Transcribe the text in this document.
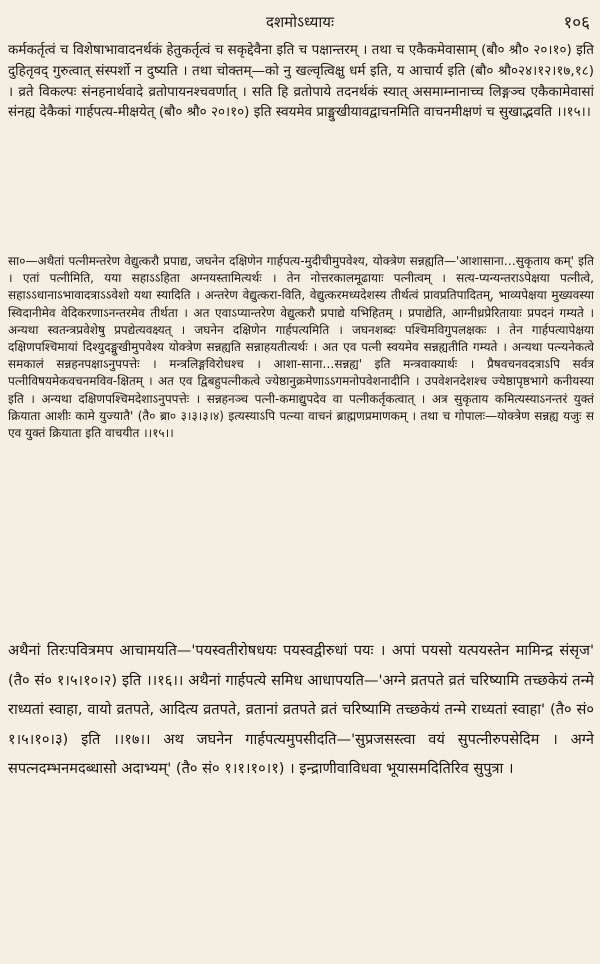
दशमोऽध्यायः	१०६
कर्मकर्तृत्वं च विशेषाभावादनर्थकं हेतुकर्तृत्वं च सकृद्देवैना इति च पक्षान्तरम् । तथा च एकैकमेवासाम् (बौ० श्रौ० २०।१०) इति दुहितृवद् गुरुत्वात् संस्पर्शो न दुष्यति । तथा चोक्तम्—को नु खल्वृत्विक्षु धर्म इति, य आचार्य इति (बौ० श्रौ०२४।१२।१७,१८) । व्रते विकल्पः संनहनार्थवादे व्रतोपायनश्चवर्णात् । सति हि व्रतोपाये तदनर्थकं स्यात् असमाम्नानाच्च लिङ्गञ्च एकैकामेवासां संनह्य देकैकां गार्हपत्य-मीक्षयेत् (बौ० श्रौ० २०।१०) इति स्वयमेव प्राङ्मुखीयावद्वाचनमिति वाचनमीक्षणं च सुखाद्भवति ।।१५।।
सा०—अथैतां पत्नीमन्तरेण वेद्युत्करौ प्रपाद्य, जघनेन दक्षिणेन गार्हपत्य-मुदीचीमुपवेश्य, योक्त्रेण सन्नह्यति—'आशासाना…सुकृताय कम्' इति । एतां पत्नीमिति, यया सहाऽऽहिता अग्नयस्तामित्यर्थः । तेन नोत्तरकालमूढायाः पत्नीत्वम् । सत्य-प्यन्यन्तराऽपेक्षया पत्नीत्वे, सहाऽऽधानाऽभावादत्राऽऽवेशो यथा स्यादिति । अन्तरेण वेद्युत्करा-विति, वेद्युत्करमध्यदेशस्य तीर्थत्वं प्रावप्रतिपादितम्, भाव्यपेक्षया मुख्यवस्या स्विदानीमेव वेदिकरणाऽनन्तरमेव तीर्थता । अत एवाऽप्यान्तरेण वेद्युत्करौ प्रपाद्ये यभिहितम् । प्रपाद्येति, आग्नीध्रप्रेरितायाः प्रपदनं गम्यते । अन्यथा स्वतन्त्रप्रवेशेषु प्रपद्येत्यवक्ष्यत् । जघनेन दक्षिणेन गार्हपत्यमिति । जघनशब्दः पश्चिमविगुपलक्षकः । तेन गार्हपत्यापेक्षया दक्षिणपश्चिमायां दिश्युदङ्मुखीमुपवेश्य योक्त्रेण सन्नह्यति सन्नाहयतीत्यर्थः । अत एव पत्नी स्वयमेव सन्नह्यतीति गम्यते । अन्यथा पत्न्यनेकत्वे समकालं सन्नहनपक्षाऽनुपपत्तेः । मन्त्रलिङ्गविरोधश्च । आशा-साना…सन्नह्य' इति मन्त्रवाक्यार्थः । प्रैषवचनवदत्राऽपि सर्वत्र पत्नीविषयमेकवचनमविव-क्षितम् । अत एव द्विबहुपत्नीकत्वे ज्येष्ठानुक्रमेणाऽऽगमनोपवेशनादीनि । उपवेशनदेशश्च ज्येष्ठापृष्ठभागे कनीयस्या इति । अन्यथा दक्षिणपश्चिमदेशाऽनुपपत्तेः । सन्नहनञ्च पत्नी-कमाद्युपदेव वा पत्नीकर्तृकत्वात् । अत्र सुकृताय कमित्यस्याऽनन्तरं युक्तं क्रियाता आशीः कामे युज्यातै' (तै० ब्रा० ३।३।३।४) इत्यस्याऽपि पत्न्या वाचनं ब्राह्मणप्रमाणकम् । तथा च गोपालः—योक्त्रेण सन्नह्य यजुः स एव युक्तं क्रियाता इति वाचयीत ।।१५।।
अथैनां तिरःपवित्रमप आचामयति—'पयस्वतीरोषधयः पयस्वद्वीरुधां पयः । अपां पयसो यत्पयस्तेन मामिन्द्र संसृज' (तै० सं० १।५।१०।२) इति ।।१६।। अथैनां गार्हपत्ये समिध आधापयति—'अग्ने व्रतपते व्रतं चरिष्यामि तच्छकेयं तन्मे राध्यतां स्वाहा, वायो व्रतपते, आदित्य व्रतपते, व्रतानां व्रतपते व्रतं चरिष्यामि तच्छकेयं तन्मे राध्यतां स्वाहा' (तै० सं० १।५।१०।३) इति ।।१७।। अथ जघनेन गार्हपत्यमुपसीदति—'सुप्रजसस्त्वा वयं सुपत्नीरुपसेदिम । अग्ने सपत्नदम्भनमदब्धासो अदाभ्यम्' (तै० सं० १।१।१०।१) । इन्द्राणीवाविधवा भूयासमदितिरिव सुपुत्रा ।
